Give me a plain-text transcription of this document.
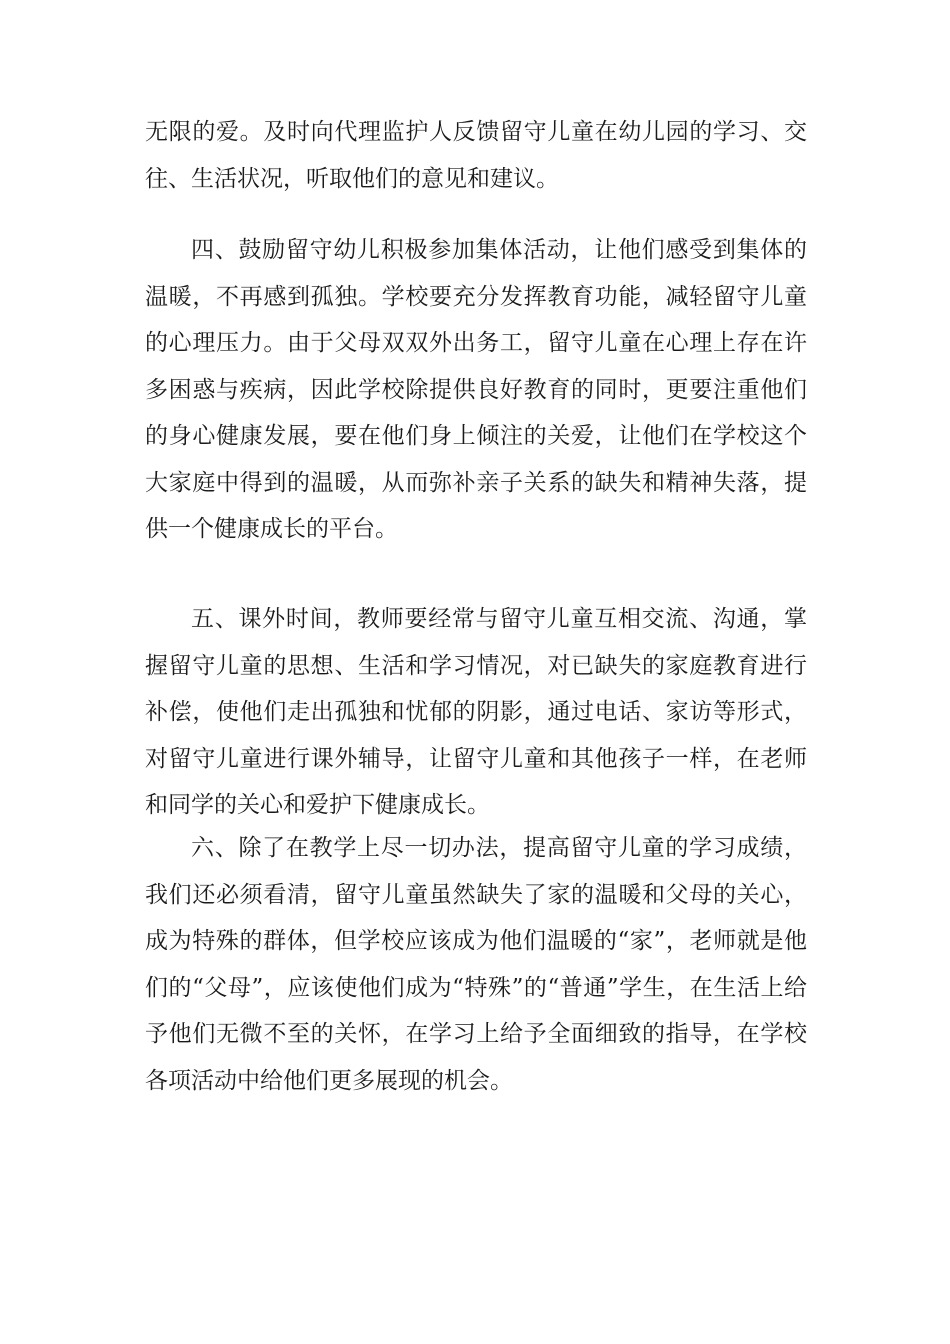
无限的爱。及时向代理监护人反馈留守儿童在幼儿园的学习、交往、生活状况，听取他们的意见和建议。

四、鼓励留守幼儿积极参加集体活动，让他们感受到集体的温暖，不再感到孤独。学校要充分发挥教育功能，减轻留守儿童的心理压力。由于父母双双外出务工，留守儿童在心理上存在许多困惑与疾病，因此学校除提供良好教育的同时，更要注重他们的身心健康发展，要在他们身上倾注的关爱，让他们在学校这个大家庭中得到的温暖，从而弥补亲子关系的缺失和精神失落，提供一个健康成长的平台。

五、课外时间，教师要经常与留守儿童互相交流、沟通，掌握留守儿童的思想、生活和学习情况，对已缺失的家庭教育进行补偿，使他们走出孤独和忧郁的阴影，通过电话、家访等形式，对留守儿童进行课外辅导，让留守儿童和其他孩子一样，在老师和同学的关心和爱护下健康成长。

六、除了在教学上尽一切办法，提高留守儿童的学习成绩，我们还必须看清，留守儿童虽然缺失了家的温暖和父母的关心，成为特殊的群体，但学校应该成为他们温暖的“家”，老师就是他们的“父母”，应该使他们成为“特殊”的“普通”学生，在生活上给予他们无微不至的关怀，在学习上给予全面细致的指导，在学校各项活动中给他们更多展现的机会。
